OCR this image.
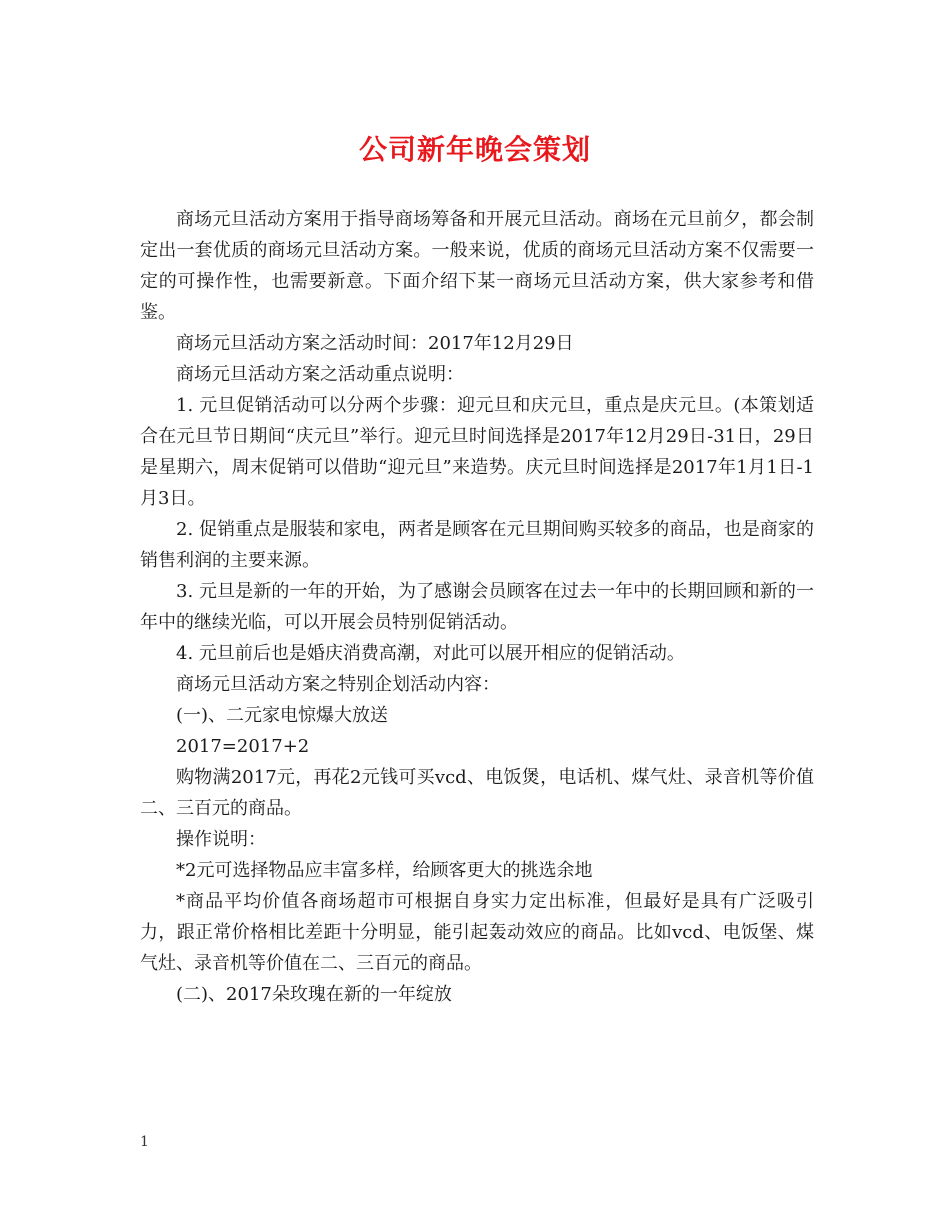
公司新年晚会策划

商场元旦活动方案用于指导商场筹备和开展元旦活动。商场在元旦前夕，都会制定出一套优质的商场元旦活动方案。一般来说，优质的商场元旦活动方案不仅需要一定的可操作性，也需要新意。下面介绍下某一商场元旦活动方案，供大家参考和借鉴。

商场元旦活动方案之活动时间：2017年12月29日

商场元旦活动方案之活动重点说明：

1. 元旦促销活动可以分两个步骤：迎元旦和庆元旦，重点是庆元旦。(本策划适合在元旦节日期间“庆元旦”举行。迎元旦时间选择是2017年12月29日-31日，29日是星期六，周末促销可以借助“迎元旦”来造势。庆元旦时间选择是2017年1月1日-1月3日。

2. 促销重点是服装和家电，两者是顾客在元旦期间购买较多的商品，也是商家的销售利润的主要来源。

3. 元旦是新的一年的开始，为了感谢会员顾客在过去一年中的长期回顾和新的一年中的继续光临，可以开展会员特别促销活动。

4. 元旦前后也是婚庆消费高潮，对此可以展开相应的促销活动。

商场元旦活动方案之特别企划活动内容：

(一)、二元家电惊爆大放送

2017=2017+2

购物满2017元，再花2元钱可买vcd、电饭煲，电话机、煤气灶、录音机等价值二、三百元的商品。

操作说明：

*2元可选择物品应丰富多样，给顾客更大的挑选余地

*商品平均价值各商场超市可根据自身实力定出标准，但最好是具有广泛吸引力，跟正常价格相比差距十分明显，能引起轰动效应的商品。比如vcd、电饭堡、煤气灶、录音机等价值在二、三百元的商品。

(二)、2017朵玫瑰在新的一年绽放

1
